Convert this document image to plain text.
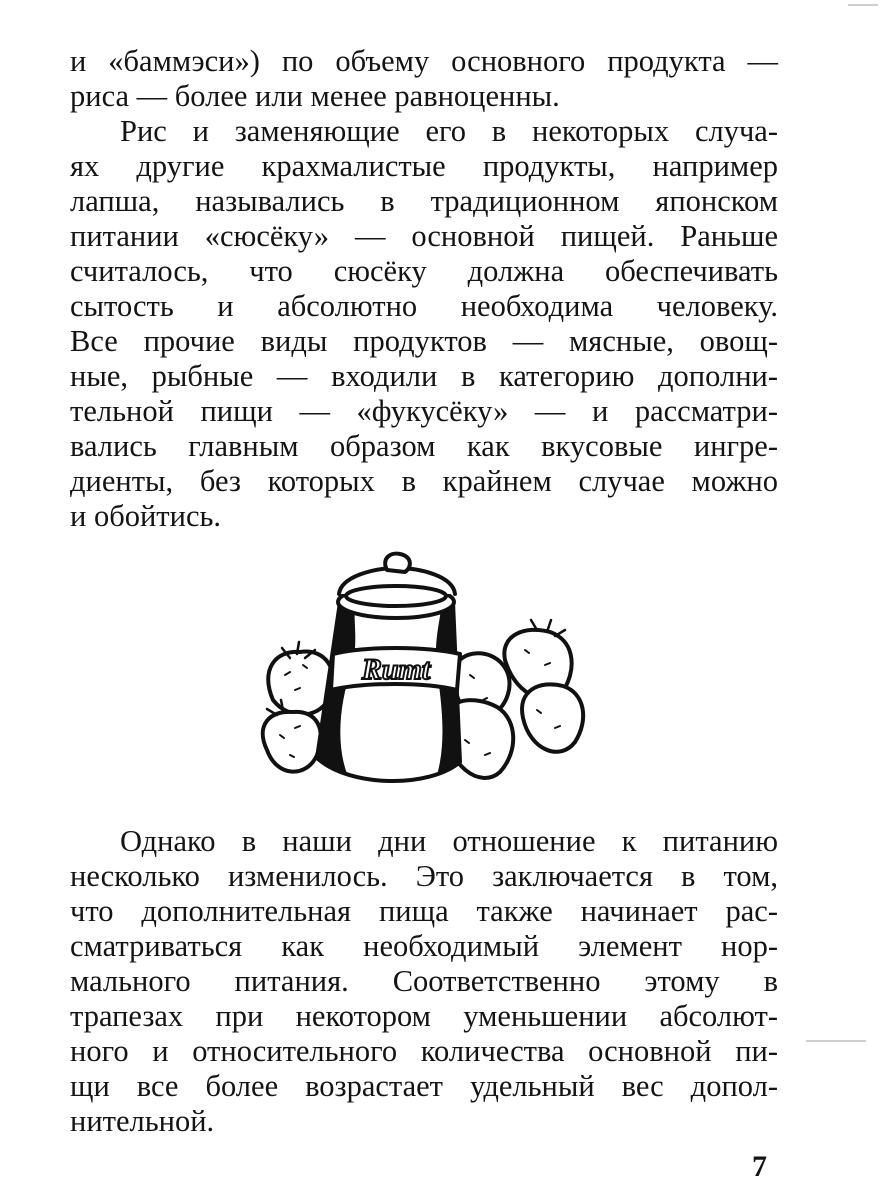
и «баммэси») по объему основного продукта —
риса — более или менее равноценны.
Рис и заменяющие его в некоторых случа-
ях другие крахмалистые продукты, например
лапша, назывались в традиционном японском
питании «сюсёку» — основной пищей. Раньше
считалось, что сюсёку должна обеспечивать
сытость и абсолютно необходима человеку.
Все прочие виды продуктов — мясные, овощ-
ные, рыбные — входили в категорию дополни-
тельной пищи — «фукусёку» — и рассматри-
вались главным образом как вкусовые ингре-
диенты, без которых в крайнем случае можно
и обойтись.
Rumt
Однако в наши дни отношение к питанию
несколько изменилось. Это заключается в том,
что дополнительная пища также начинает рас-
сматриваться как необходимый элемент нор-
мального питания. Соответственно этому в
трапезах при некотором уменьшении абсолют-
ного и относительного количества основной пи-
щи все более возрастает удельный вес допол-
нительной.
7
